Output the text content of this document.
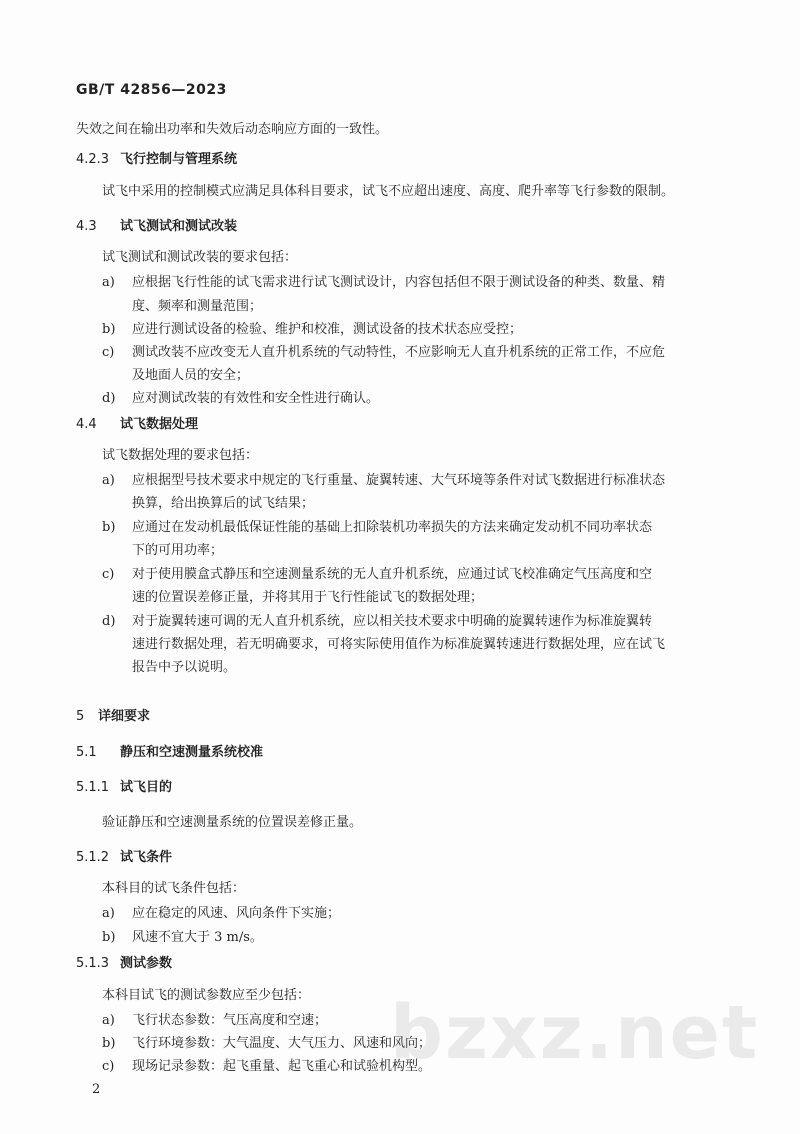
GB/T 42856—2023
失效之间在输出功率和失效后动态响应方面的一致性。
4.2.3 飞行控制与管理系统
试飞中采用的控制模式应满足具体科目要求，试飞不应超出速度、高度、爬升率等飞行参数的限制。
4.3 试飞测试和测试改装
试飞测试和测试改装的要求包括：
a) 应根据飞行性能的试飞需求进行试飞测试设计，内容包括但不限于测试设备的种类、数量、精
度、频率和测量范围；
b) 应进行测试设备的检验、维护和校准，测试设备的技术状态应受控；
c) 测试改装不应改变无人直升机系统的气动特性，不应影响无人直升机系统的正常工作，不应危
及地面人员的安全；
d) 应对测试改装的有效性和安全性进行确认。
4.4 试飞数据处理
试飞数据处理的要求包括：
a) 应根据型号技术要求中规定的飞行重量、旋翼转速、大气环境等条件对试飞数据进行标准状态
换算，给出换算后的试飞结果；
b) 应通过在发动机最低保证性能的基础上扣除装机功率损失的方法来确定发动机不同功率状态
下的可用功率；
c) 对于使用膜盒式静压和空速测量系统的无人直升机系统，应通过试飞校准确定气压高度和空
速的位置误差修正量，并将其用于飞行性能试飞的数据处理；
d) 对于旋翼转速可调的无人直升机系统，应以相关技术要求中明确的旋翼转速作为标准旋翼转
速进行数据处理，若无明确要求，可将实际使用值作为标准旋翼转速进行数据处理，应在试飞
报告中予以说明。
5 详细要求
5.1 静压和空速测量系统校准
5.1.1 试飞目的
验证静压和空速测量系统的位置误差修正量。
5.1.2 试飞条件
本科目的试飞条件包括：
a) 应在稳定的风速、风向条件下实施；
b) 风速不宜大于 3 m/s。
5.1.3 测试参数
本科目试飞的测试参数应至少包括：
a) 飞行状态参数：气压高度和空速；
b) 飞行环境参数：大气温度、大气压力、风速和风向；
c) 现场记录参数：起飞重量、起飞重心和试验机构型。
2
bzxz.net
